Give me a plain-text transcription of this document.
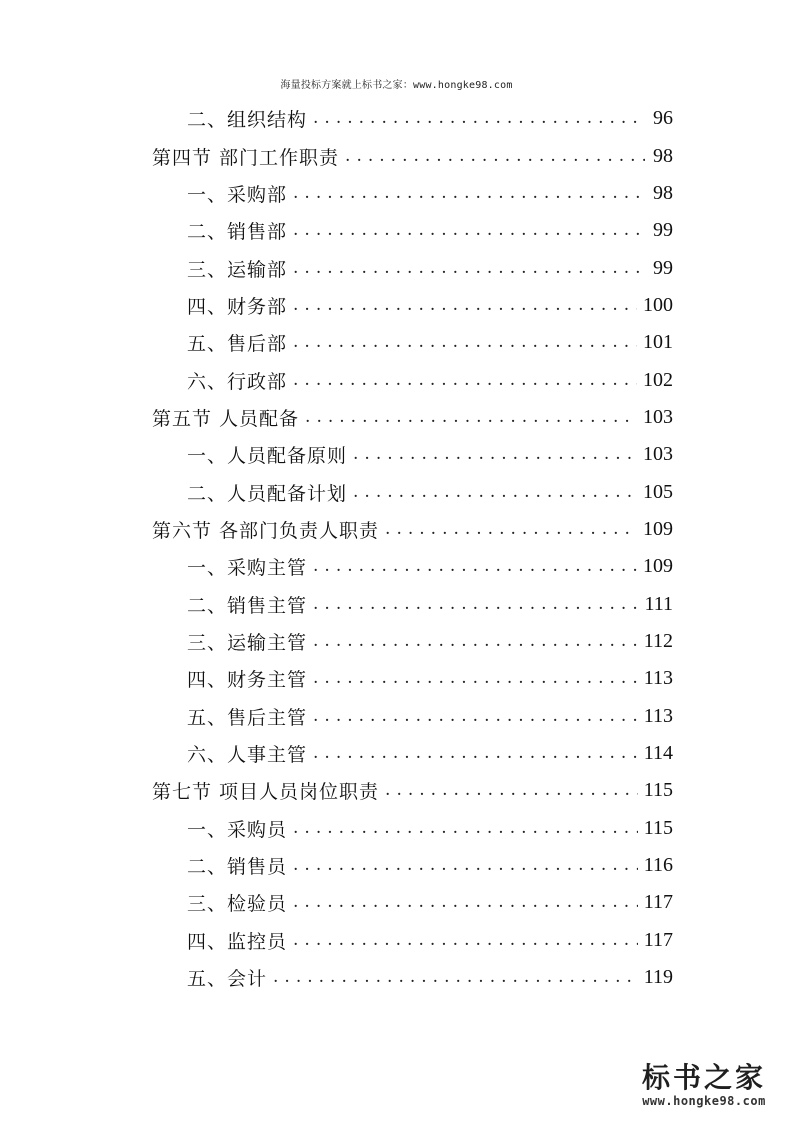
海量投标方案就上标书之家：www.hongke98.com
二、组织结构 .....	96
第四节 部门工作职责 .....	98
一、采购部 .....	98
二、销售部 .....	99
三、运输部 .....	99
四、财务部 .....	100
五、售后部 .....	101
六、行政部 .....	102
第五节 人员配备 .....	103
一、人员配备原则 .....	103
二、人员配备计划 .....	105
第六节 各部门负责人职责 .....	109
一、采购主管 .....	109
二、销售主管 .....	111
三、运输主管 .....	112
四、财务主管 .....	113
五、售后主管 .....	113
六、人事主管 .....	114
第七节 项目人员岗位职责 .....	115
一、采购员 .....	115
二、销售员 .....	116
三、检验员 .....	117
四、监控员 .....	117
五、会计 .....	119
标书之家
www.hongke98.com
